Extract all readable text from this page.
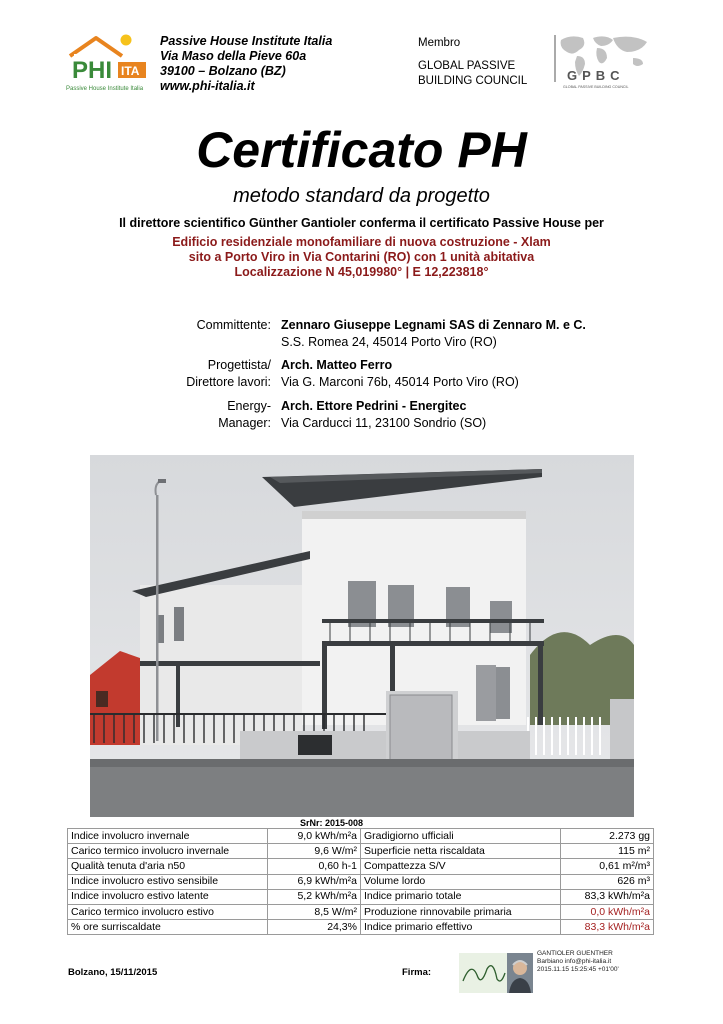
PHI ITA
Passive House Institute Italia
Passive House Institute Italia
Via Maso della Pieve 60a
39100 – Bolzano (BZ)
www.phi-italia.it
Membro
GLOBAL PASSIVE
BUILDING COUNCIL	GPBC
GLOBAL PASSIVE BUILDING COUNCIL
Certificato PH
metodo standard da progetto
Il direttore scientifico Günther Gantioler conferma il certificato Passive House per
Edificio residenziale monofamiliare di nuova costruzione - Xlam
sito a Porto Viro in Via Contarini (RO) con 1 unità abitativa
Localizzazione N 45,019980° | E 12,223818°
Committente: Zennaro Giuseppe Legnami SAS di Zennaro M. e C.
S.S. Romea 24, 45014 Porto Viro (RO)
Progettista/
Direttore lavori:
Arch. Matteo Ferro
Via G. Marconi 76b, 45014 Porto Viro (RO)
Energy-
Manager:
Arch. Ettore Pedrini - Energitec
Via Carducci 11, 23100 Sondrio (SO)
SrNr: 2015-008
Indice involucro invernale	9,0 kWh/m²a	Gradigiorno ufficiali	2.273 gg
Carico termico involucro invernale	9,6 W/m²	Superficie netta riscaldata	115 m²
Qualità tenuta d'aria n50	0,60 h-1	Compattezza S/V	0,61 m²/m³
Indice involucro estivo sensibile	6,9 kWh/m²a	Volume lordo	626 m³
Indice involucro estivo latente	5,2 kWh/m²a	Indice primario totale	83,3 kWh/m²a
Carico termico involucro estivo	8,5 W/m²	Produzione rinnovabile primaria	0,0 kWh/m²a
% ore surriscaldate	24,3%	Indice primario effettivo	83,3 kWh/m²a
Bolzano, 15/11/2015	Firma:
GANTIOLER GUENTHER
Barbiano info@phi-italia.it
2015.11.15 15:25:45 +01'00'
